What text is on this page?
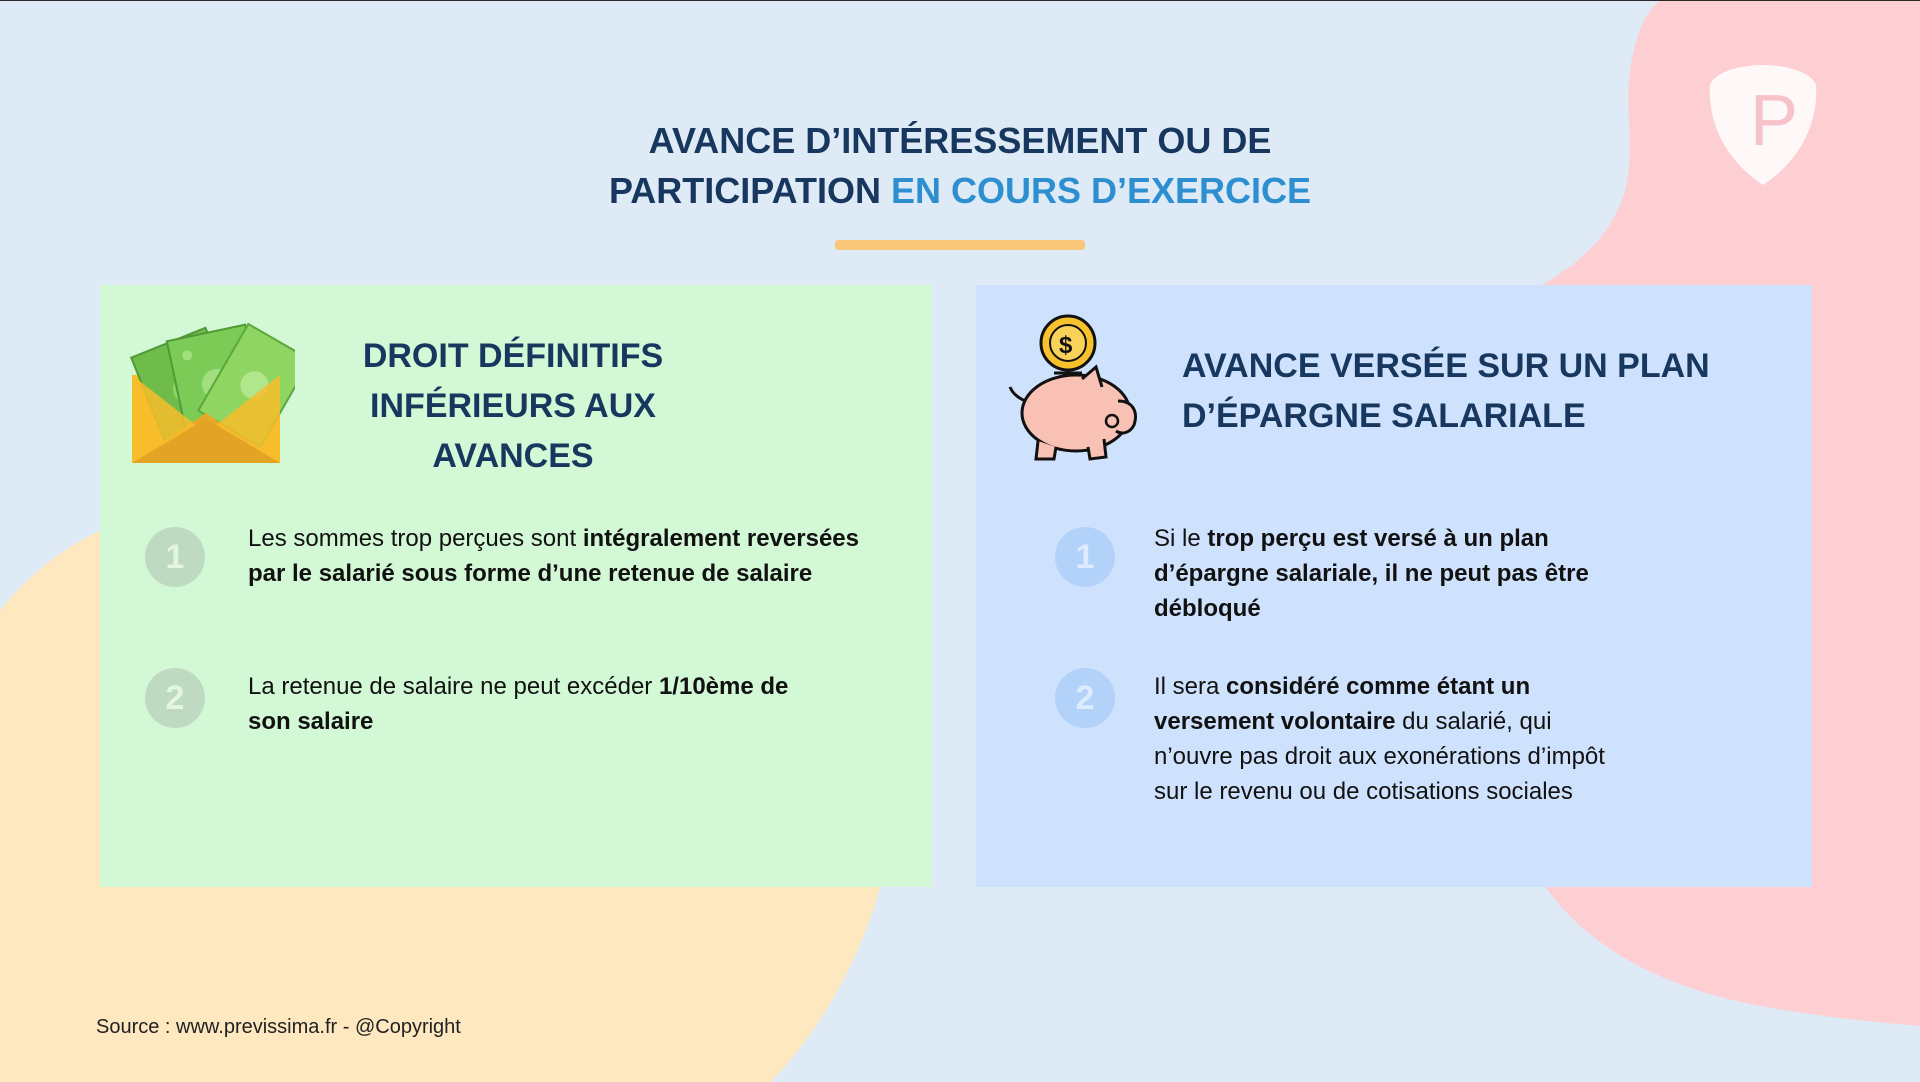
AVANCE D’INTÉRESSEMENT OU DE
PARTICIPATION EN COURS D’EXERCICE
P
DROIT DÉFINITIFS
INFÉRIEURS AUX
AVANCES
1	Les sommes trop perçues sont intégralement reversées par le salarié sous forme d’une retenue de salaire
2	La retenue de salaire ne peut excéder 1/10ème de son salaire
$
AVANCE VERSÉE SUR UN PLAN
D’ÉPARGNE SALARIALE
1	Si le trop perçu est versé à un plan d’épargne salariale, il ne peut pas être débloqué
2	Il sera considéré comme étant un versement volontaire du salarié, qui n’ouvre pas droit aux exonérations d’impôt sur le revenu ou de cotisations sociales
Source : www.previssima.fr - @Copyright
